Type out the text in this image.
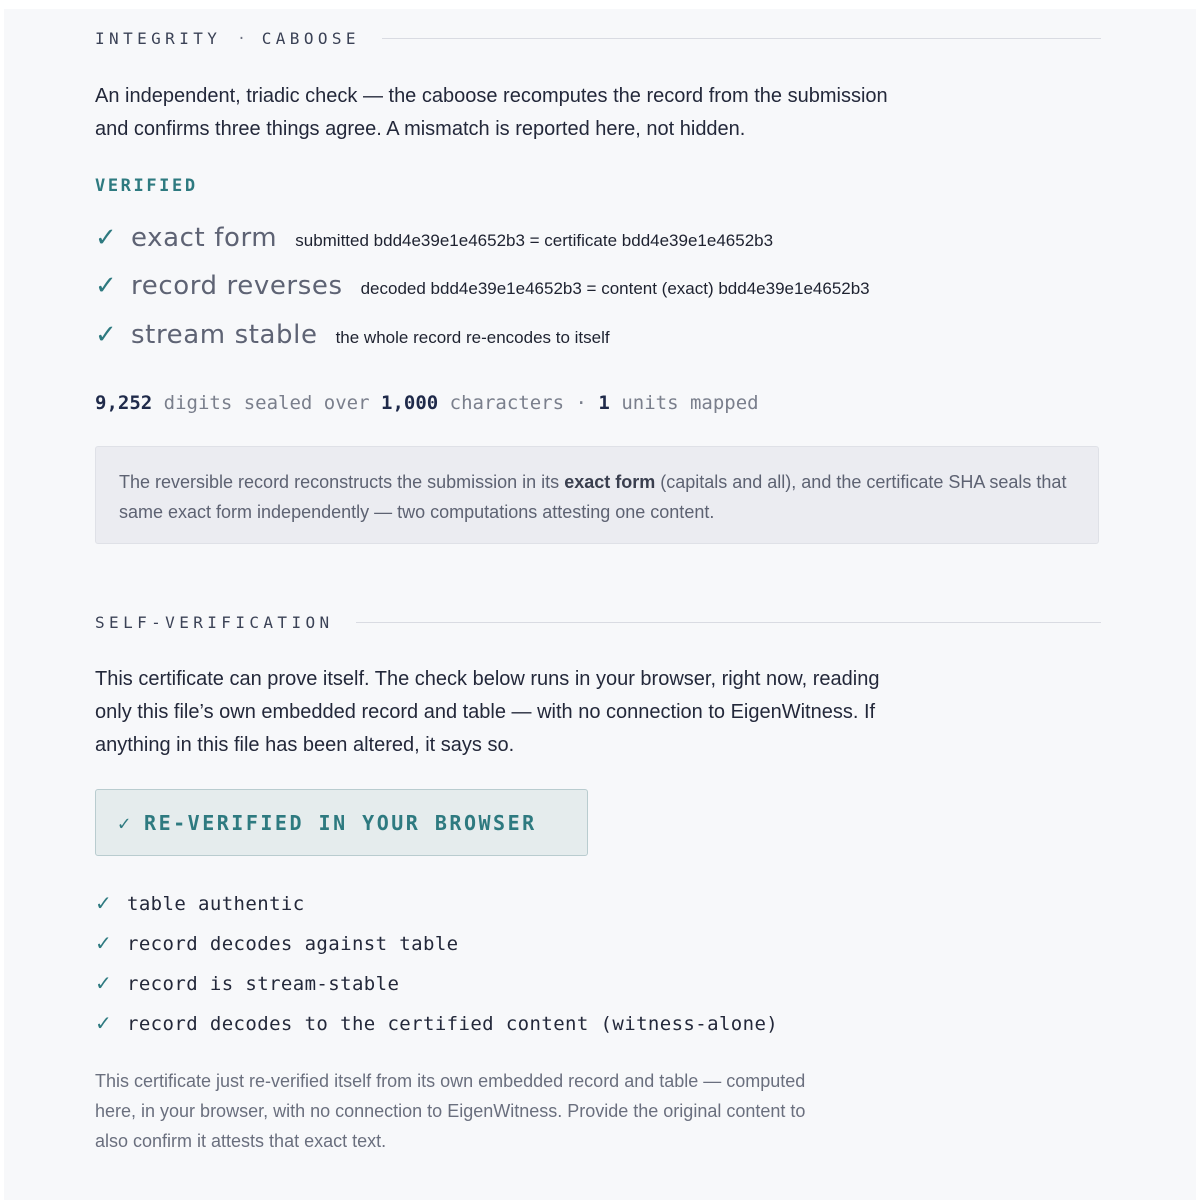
INTEGRITY · CABOOSE
An independent, triadic check — the caboose recomputes the record from the submission and confirms three things agree. A mismatch is reported here, not hidden.
VERIFIED
✓ exact form submitted bdd4e39e1e4652b3 = certificate bdd4e39e1e4652b3
✓ record reverses decoded bdd4e39e1e4652b3 = content (exact) bdd4e39e1e4652b3
✓ stream stable the whole record re-encodes to itself
9,252 digits sealed over 1,000 characters · 1 units mapped
The reversible record reconstructs the submission in its exact form (capitals and all), and the certificate SHA seals that same exact form independently — two computations attesting one content.
SELF-VERIFICATION
This certificate can prove itself. The check below runs in your browser, right now, reading only this file’s own embedded record and table — with no connection to EigenWitness. If anything in this file has been altered, it says so.
✓ RE-VERIFIED IN YOUR BROWSER
✓ table authentic
✓ record decodes against table
✓ record is stream-stable
✓ record decodes to the certified content (witness-alone)
This certificate just re-verified itself from its own embedded record and table — computed here, in your browser, with no connection to EigenWitness. Provide the original content to also confirm it attests that exact text.
